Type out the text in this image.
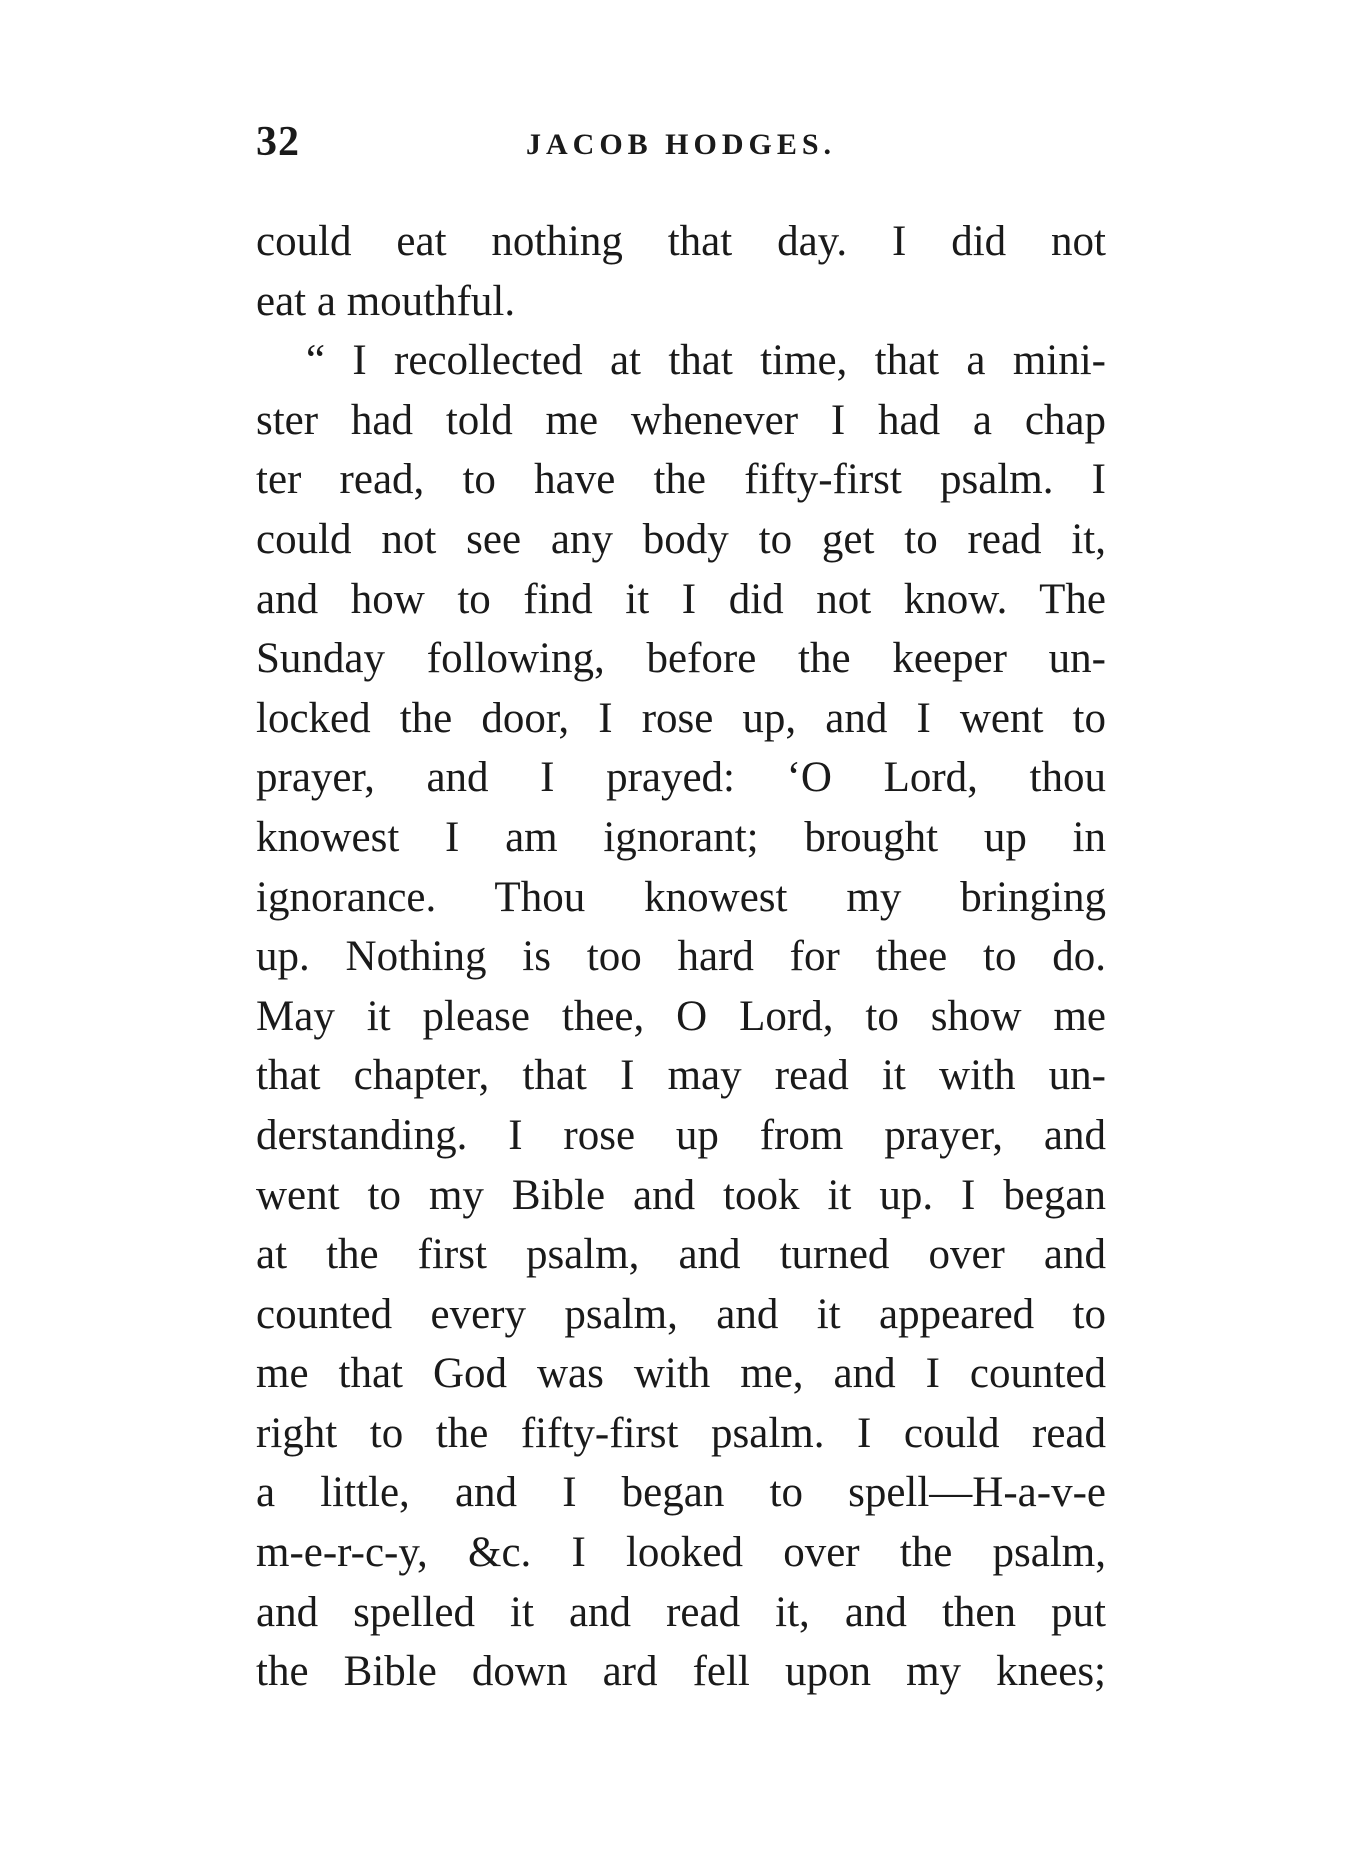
32	JACOB HODGES.
could eat nothing that day. I did not
eat a mouthful.
“ I recollected at that time, that a mini-
ster had told me whenever I had a chap
ter read, to have the fifty-first psalm. I
could not see any body to get to read it,
and how to find it I did not know. The
Sunday following, before the keeper un-
locked the door, I rose up, and I went to
prayer, and I prayed: ‘O Lord, thou
knowest I am ignorant; brought up in
ignorance. Thou knowest my bringing
up. Nothing is too hard for thee to do.
May it please thee, O Lord, to show me
that chapter, that I may read it with un-
derstanding. I rose up from prayer, and
went to my Bible and took it up. I began
at the first psalm, and turned over and
counted every psalm, and it appeared to
me that God was with me, and I counted
right to the fifty-first psalm. I could read
a little, and I began to spell—H-a-v-e
m-e-r-c-y, &c. I looked over the psalm,
and spelled it and read it, and then put
the Bible down ard fell upon my knees;
